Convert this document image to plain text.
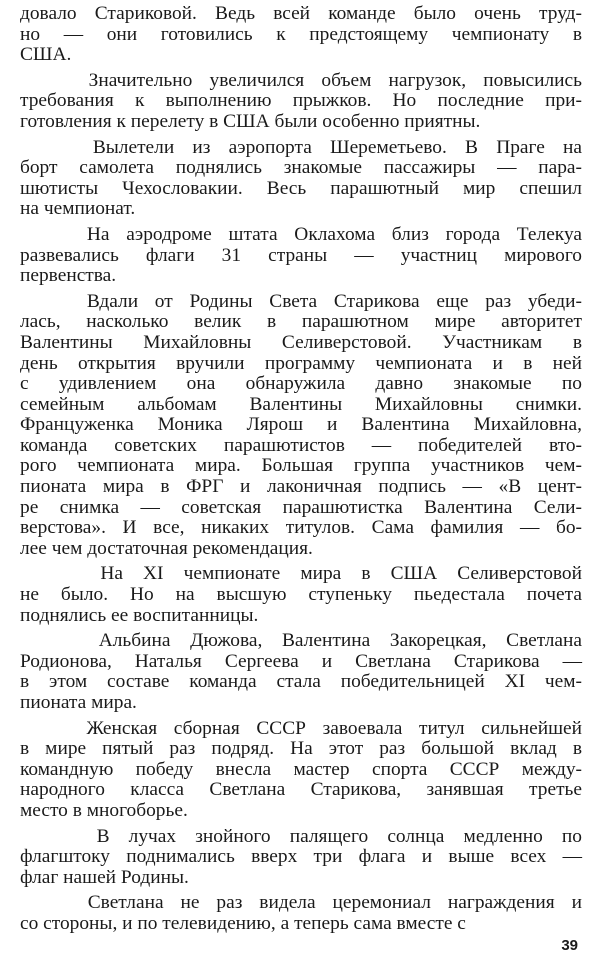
довало Стариковой. Ведь всей команде было очень труд-
но — они готовились к предстоящему чемпионату в
США.

Значительно увеличился объем нагрузок, повысились
требования к выполнению прыжков. Но последние при-
готовления к перелету в США были особенно приятны.

Вылетели из аэропорта Шереметьево. В Праге на
борт самолета поднялись знакомые пассажиры — пара-
шютисты Чехословакии. Весь парашютный мир спешил
на чемпионат.

На аэродроме штата Оклахома близ города Телекуа
развевались флаги 31 страны — участниц мирового
первенства.

Вдали от Родины Света Старикова еще раз убеди-
лась, насколько велик в парашютном мире авторитет
Валентины Михайловны Селиверстовой. Участникам в
день открытия вручили программу чемпионата и в ней
с удивлением она обнаружила давно знакомые по
семейным альбомам Валентины Михайловны снимки.
Француженка Моника Лярош и Валентина Михайловна,
команда советских парашютистов — победителей вто-
рого чемпионата мира. Большая группа участников чем-
пионата мира в ФРГ и лаконичная подпись — «В цент-
ре снимка — советская парашютистка Валентина Сели-
верстова». И все, никаких титулов. Сама фамилия — бо-
лее чем достаточная рекомендация.

На XI чемпионате мира в США Селиверстовой
не было. Но на высшую ступеньку пьедестала почета
поднялись ее воспитанницы.

Альбина Дюжова, Валентина Закорецкая, Светлана
Родионова, Наталья Сергеева и Светлана Старикова —
в этом составе команда стала победительницей XI чем-
пионата мира.

Женская сборная СССР завоевала титул сильнейшей
в мире пятый раз подряд. На этот раз большой вклад в
командную победу внесла мастер спорта СССР между-
народного класса Светлана Старикова, занявшая третье
место в многоборье.

В лучах знойного палящего солнца медленно по
флагштоку поднимались вверх три флага и выше всех —
флаг нашей Родины.

Светлана не раз видела церемониал награждения и
со стороны, и по телевидению, а теперь сама вместе с

39
